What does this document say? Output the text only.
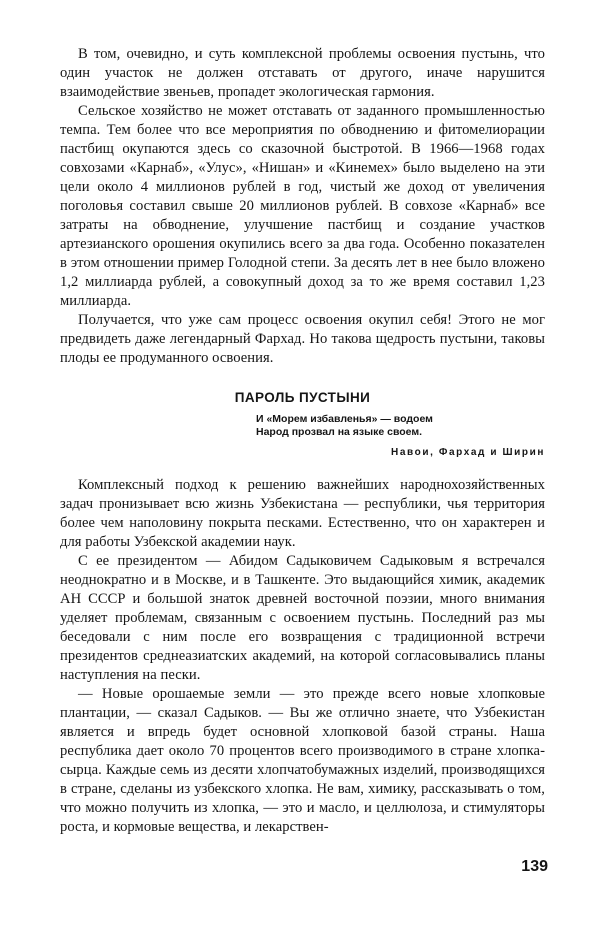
В том, очевидно, и суть комплексной проблемы освоения пустынь, что один участок не должен отставать от другого, иначе нарушится взаимодействие звеньев, пропадет экологическая гармония.

Сельское хозяйство не может отставать от заданного промышленностью темпа. Тем более что все мероприятия по обводнению и фитомелиорации пастбищ окупаются здесь со сказочной быстротой. В 1966—1968 годах совхозами «Карнаб», «Улус», «Нишан» и «Кинемех» было выделено на эти цели около 4 миллионов рублей в год, чистый же доход от увеличения поголовья составил свыше 20 миллионов рублей. В совхозе «Карнаб» все затраты на обводнение, улучшение пастбищ и создание участков артезианского орошения окупились всего за два года. Особенно показателен в этом отношении пример Голодной степи. За десять лет в нее было вложено 1,2 миллиарда рублей, а совокупный доход за то же время составил 1,23 миллиарда.

Получается, что уже сам процесс освоения окупил себя! Этого не мог предвидеть даже легендарный Фархад. Но такова щедрость пустыни, таковы плоды ее продуманного освоения.

ПАРОЛЬ ПУСТЫНИ
И «Морем избавленья» — водоем
Народ прозвал на языке своем.
Навои, Фархад и Ширин

Комплексный подход к решению важнейших народнохозяйственных задач пронизывает всю жизнь Узбекистана — республики, чья территория более чем наполовину покрыта песками. Естественно, что он характерен и для работы Узбекской академии наук.

С ее президентом — Абидом Садыковичем Садыковым я встречался неоднократно и в Москве, и в Ташкенте. Это выдающийся химик, академик АН СССР и большой знаток древней восточной поэзии, много внимания уделяет проблемам, связанным с освоением пустынь. Последний раз мы беседовали с ним после его возвращения с традиционной встречи президентов среднеазиатских академий, на которой согласовывались планы наступления на пески.

— Новые орошаемые земли — это прежде всего новые хлопковые плантации, — сказал Садыков. — Вы же отлично знаете, что Узбекистан является и впредь будет основной хлопковой базой страны. Наша республика дает около 70 процентов всего производимого в стране хлопка-сырца. Каждые семь из десяти хлопчатобумажных изделий, производящихся в стране, сделаны из узбекского хлопка. Не вам, химику, рассказывать о том, что можно получить из хлопка, — это и масло, и целлюлоза, и стимуляторы роста, и кормовые вещества, и лекарствен-

139
